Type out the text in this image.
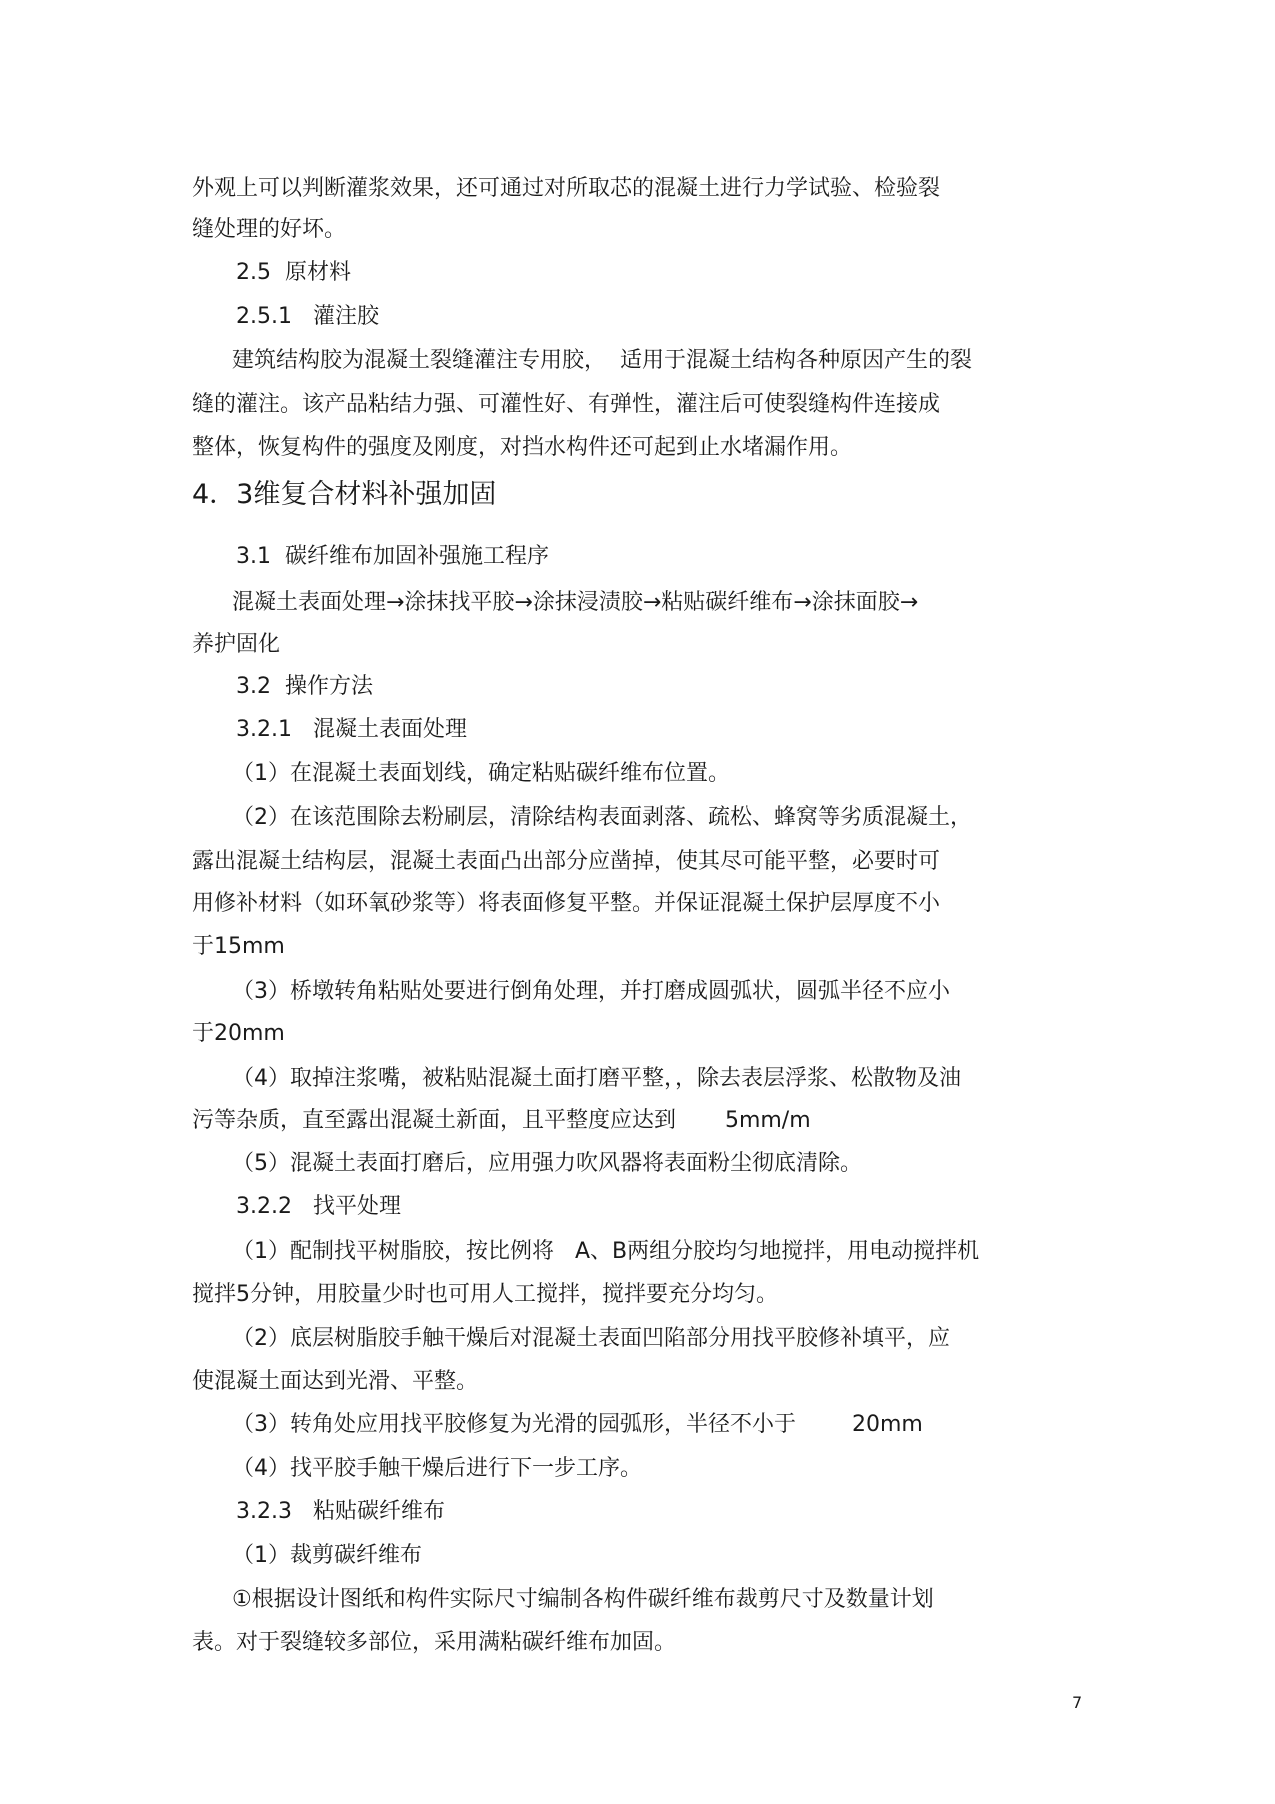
外观上可以判断灌浆效果，还可通过对所取芯的混凝土进行力学试验、检验裂
缝处理的好坏。
2.5  原材料
2.5.1   灌注胶
建筑结构胶为混凝土裂缝灌注专用胶，  适用于混凝土结构各种原因产生的裂
缝的灌注。该产品粘结力强、可灌性好、有弹性，灌注后可使裂缝构件连接成
整体，恢复构件的强度及刚度，对挡水构件还可起到止水堵漏作用。
4．3维复合材料补强加固
3.1  碳纤维布加固补强施工程序
混凝土表面处理→涂抹找平胶→涂抹浸渍胶→粘贴碳纤维布→涂抹面胶→
养护固化
3.2  操作方法
3.2.1   混凝土表面处理
（1）在混凝土表面划线，确定粘贴碳纤维布位置。
（2）在该范围除去粉刷层，清除结构表面剥落、疏松、蜂窝等劣质混凝土，
露出混凝土结构层，混凝土表面凸出部分应凿掉，使其尽可能平整，必要时可
用修补材料（如环氧砂浆等）将表面修复平整。并保证混凝土保护层厚度不小
于15mm
（3）桥墩转角粘贴处要进行倒角处理，并打磨成圆弧状，圆弧半径不应小
于20mm
（4）取掉注浆嘴，被粘贴混凝土面打磨平整，，除去表层浮浆、松散物及油
污等杂质，直至露出混凝土新面，且平整度应达到       5mm/m
（5）混凝土表面打磨后，应用强力吹风器将表面粉尘彻底清除。
3.2.2   找平处理
（1）配制找平树脂胶，按比例将   A、B两组分胶均匀地搅拌，用电动搅拌机
搅拌5分钟，用胶量少时也可用人工搅拌，搅拌要充分均匀。
（2）底层树脂胶手触干燥后对混凝土表面凹陷部分用找平胶修补填平，应
使混凝土面达到光滑、平整。
（3）转角处应用找平胶修复为光滑的园弧形，半径不小于        20mm
（4）找平胶手触干燥后进行下一步工序。
3.2.3   粘贴碳纤维布
（1）裁剪碳纤维布
①根据设计图纸和构件实际尺寸编制各构件碳纤维布裁剪尺寸及数量计划
表。对于裂缝较多部位，采用满粘碳纤维布加固。
7
